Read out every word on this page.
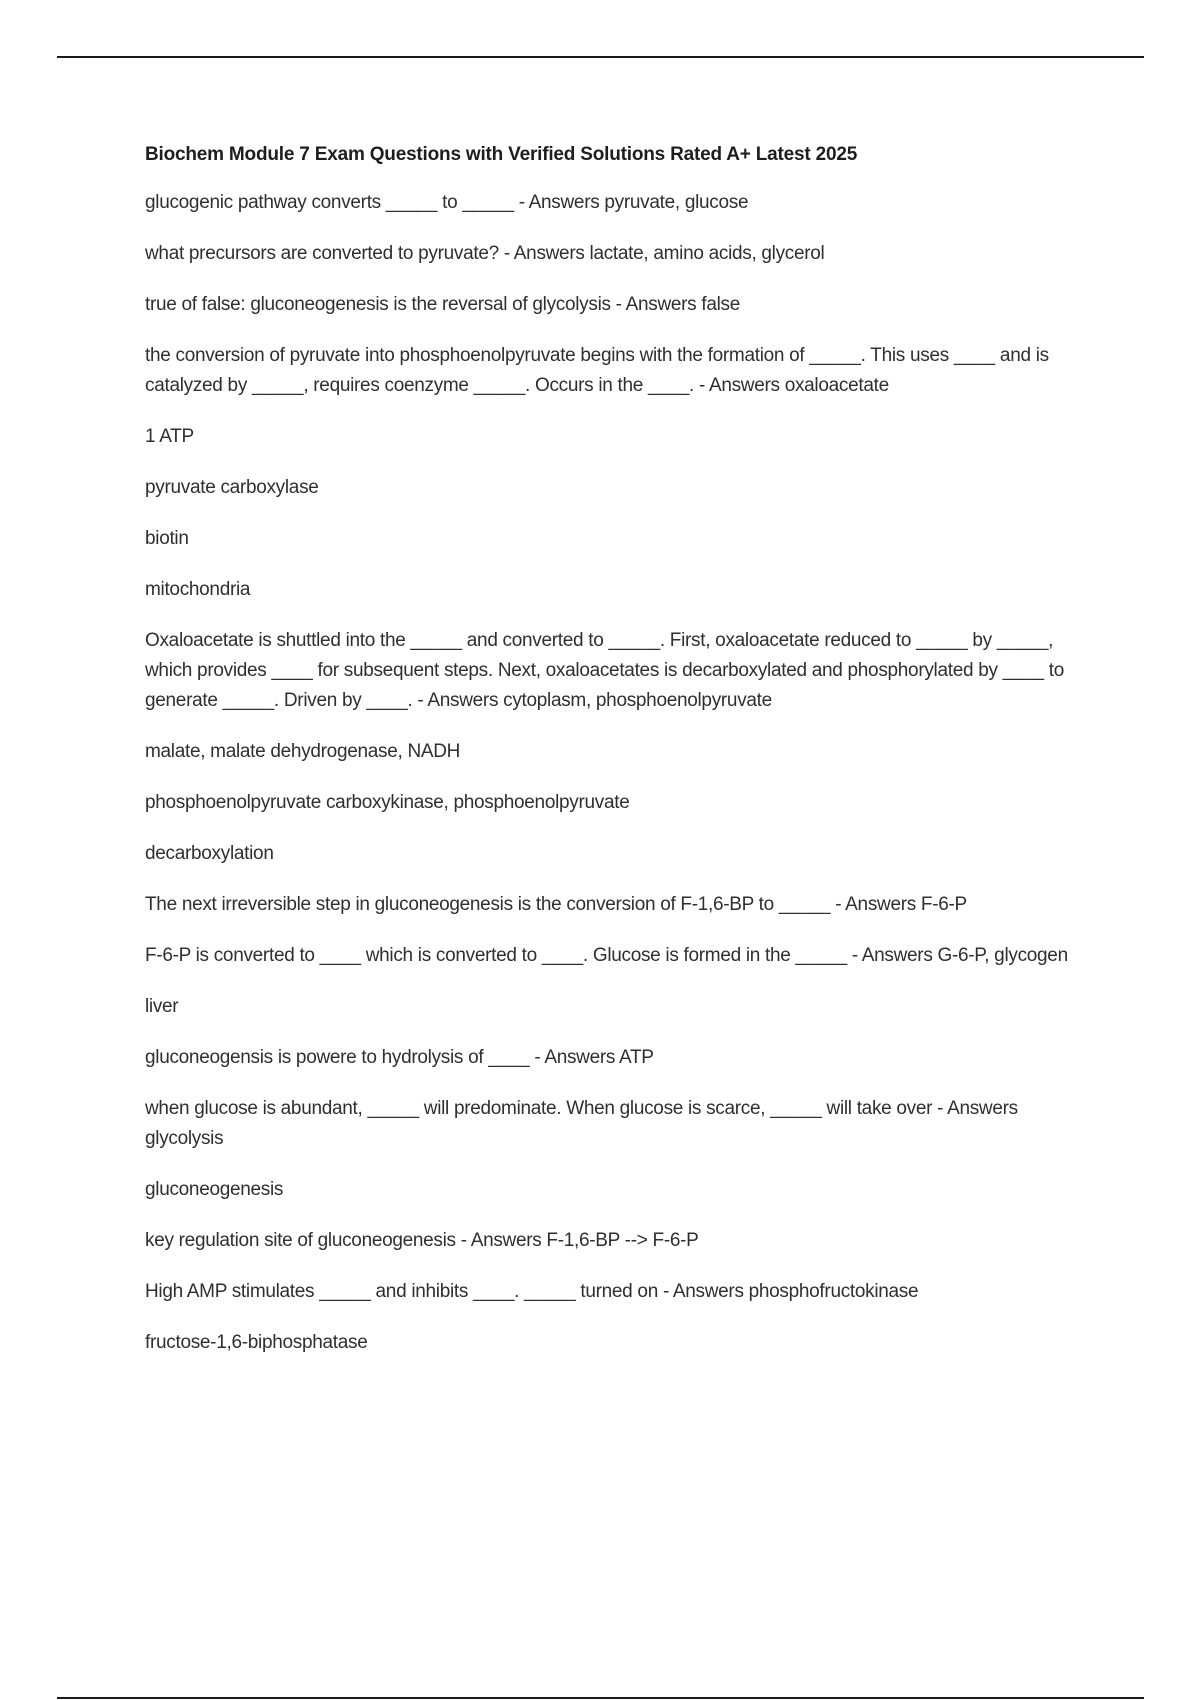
Biochem Module 7 Exam Questions with Verified Solutions Rated A+ Latest 2025

glucogenic pathway converts _____ to _____ - Answers pyruvate, glucose

what precursors are converted to pyruvate? - Answers lactate, amino acids, glycerol

true of false: gluconeogenesis is the reversal of glycolysis - Answers false

the conversion of pyruvate into phosphoenolpyruvate begins with the formation of _____. This uses ____ and is catalyzed by _____, requires coenzyme _____. Occurs in the ____. - Answers oxaloacetate

1 ATP

pyruvate carboxylase

biotin

mitochondria

Oxaloacetate is shuttled into the _____ and converted to _____. First, oxaloacetate reduced to _____ by _____, which provides ____ for subsequent steps. Next, oxaloacetates is decarboxylated and phosphorylated by ____ to generate _____. Driven by ____. - Answers cytoplasm, phosphoenolpyruvate

malate, malate dehydrogenase, NADH

phosphoenolpyruvate carboxykinase, phosphoenolpyruvate

decarboxylation

The next irreversible step in gluconeogenesis is the conversion of F-1,6-BP to _____ - Answers F-6-P

F-6-P is converted to ____ which is converted to ____. Glucose is formed in the _____ - Answers G-6-P, glycogen

liver

gluconeogensis is powere to hydrolysis of ____ - Answers ATP

when glucose is abundant, _____ will predominate. When glucose is scarce, _____ will take over - Answers glycolysis

gluconeogenesis

key regulation site of gluconeogenesis - Answers F-1,6-BP --> F-6-P

High AMP stimulates _____ and inhibits ____. _____ turned on - Answers phosphofructokinase

fructose-1,6-biphosphatase
